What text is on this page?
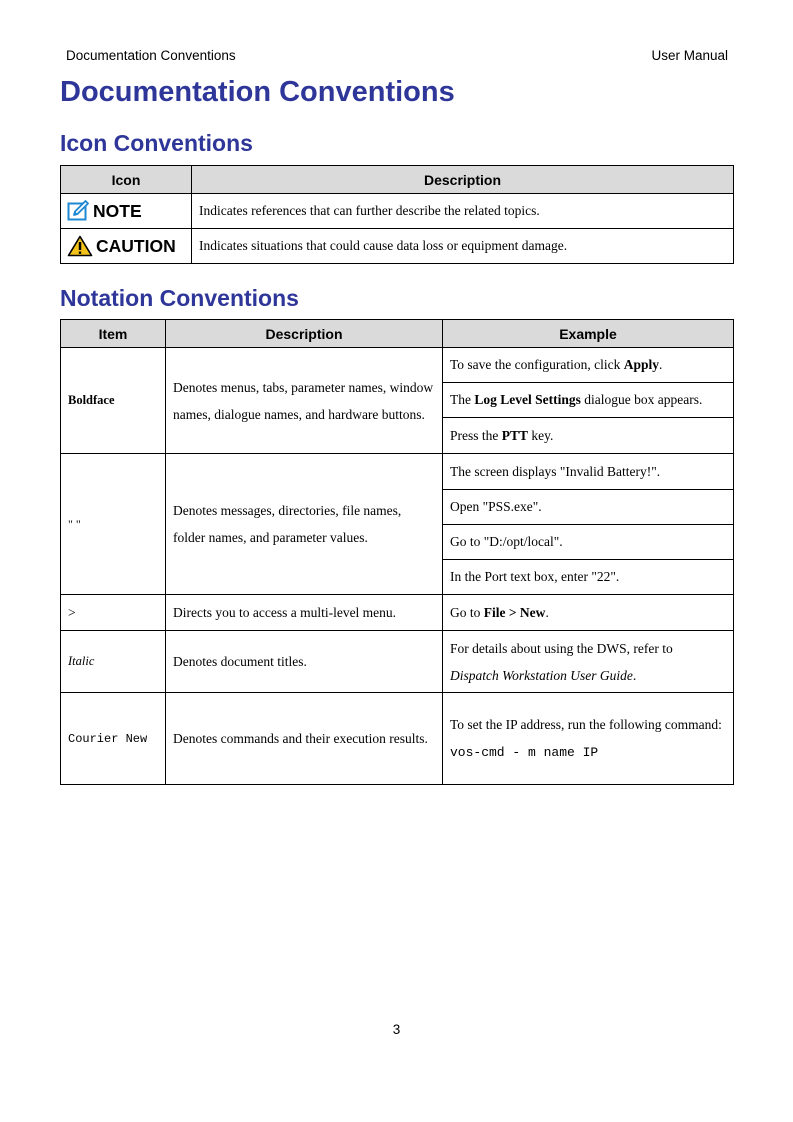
Documentation Conventions	User Manual
Documentation Conventions
Icon Conventions
Icon	Description

NOTE	Indicates references that can further describe the related topics.

CAUTION	Indicates situations that could cause data loss or equipment damage.
Notation Conventions
Item	Description	Example
Boldface	Denotes menus, tabs, parameter names, window names, dialogue names, and hardware buttons.	To save the configuration, click Apply.
		The Log Level Settings dialogue box appears.
		Press the PTT key.
" "	Denotes messages, directories, file names, folder names, and parameter values.	The screen displays "Invalid Battery!".
		Open "PSS.exe".
		Go to "D:/opt/local".
		In the Port text box, enter "22".
>	Directs you to access a multi-level menu.	Go to File > New.
Italic	Denotes document titles.	For details about using the DWS, refer to
Dispatch Workstation User Guide.
Courier New	Denotes commands and their execution results.	To set the IP address, run the following command:
vos-cmd - m name IP
3
